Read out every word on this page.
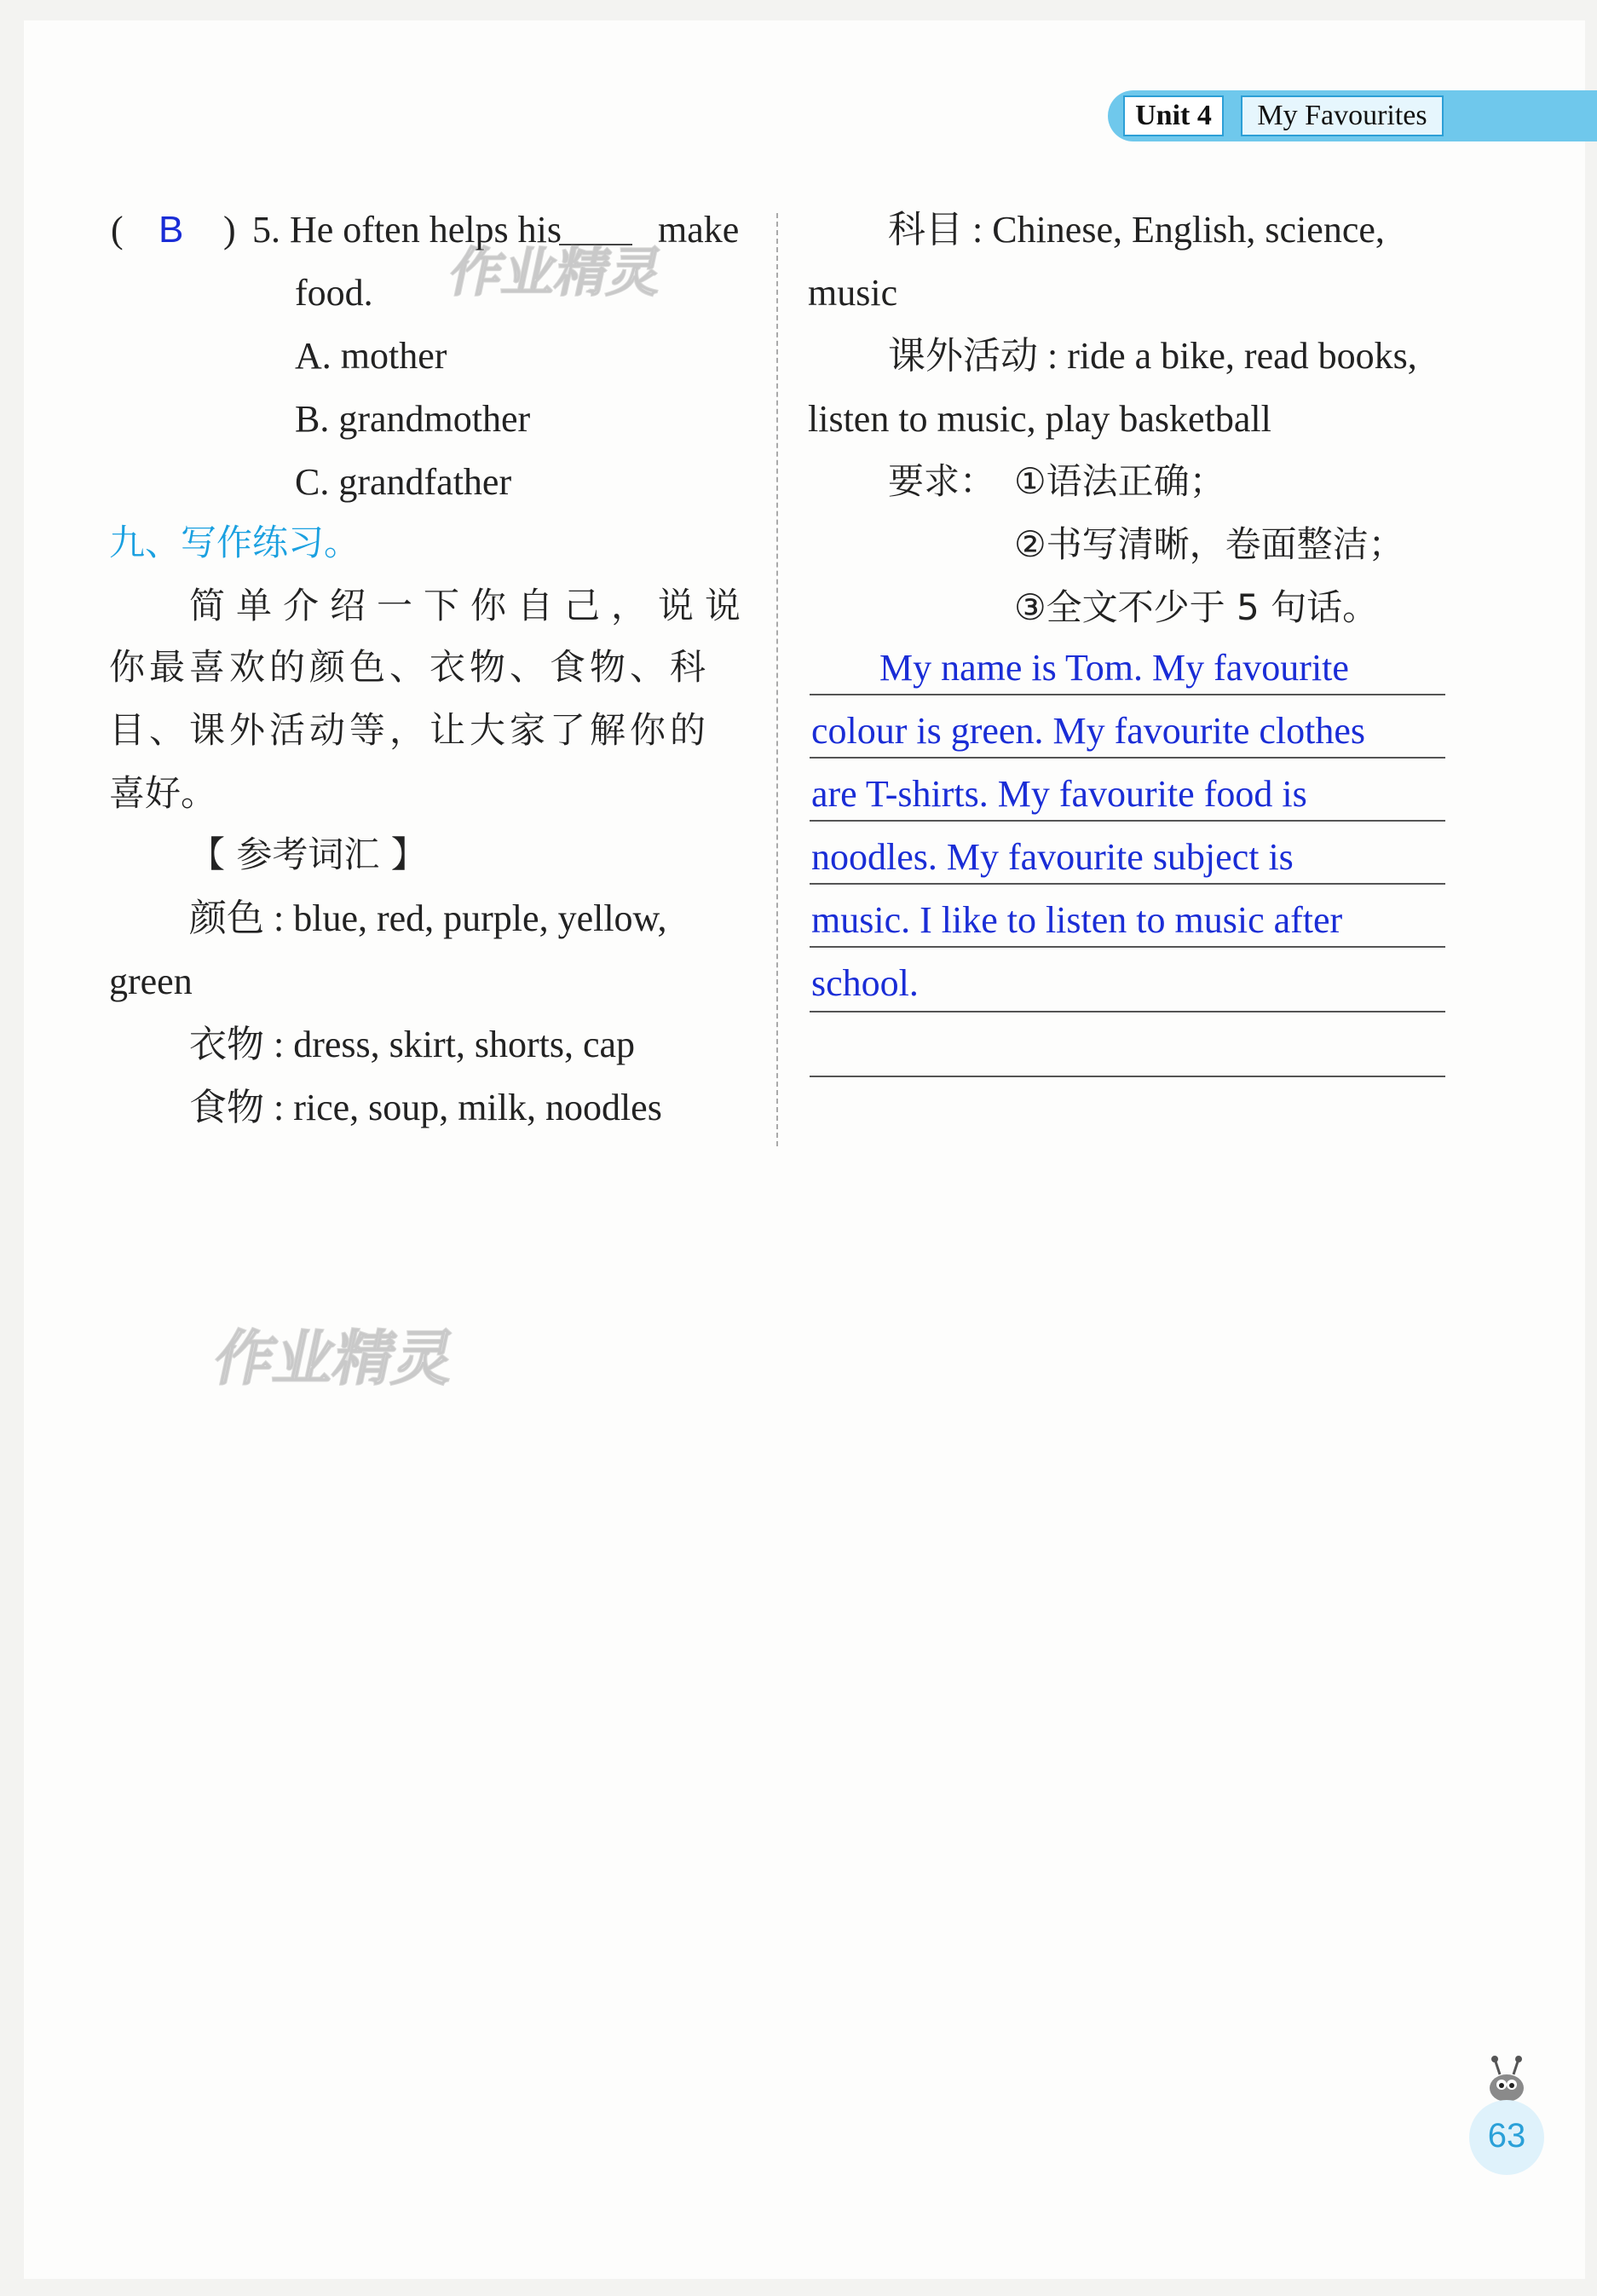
Unit 4	My Favourites
( B ) 5. He often helps his	make
food.
A. mother
B. grandmother
C. grandfather
九、写作练习。
简单介绍一下你自己，说说
你最喜欢的颜色、衣物、食物、科
目、课外活动等，让大家了解你的
喜好。
【 参考词汇 】
颜色 : blue, red, purple, yellow,
green
衣物 : dress, skirt, shorts, cap
食物 : rice, soup, milk, noodles
科目 : Chinese, English, science,
music
课外活动 : ride a bike, read books,
listen to music, play basketball
要求： ①语法正确；
②书写清晰，卷面整洁；
③全文不少于 5 句话。
My name is Tom. My favourite
colour is green. My favourite clothes
are T-shirts. My favourite food is
noodles. My favourite subject is
music. I like to listen to music after
school.
作业精灵
作业精灵
63
